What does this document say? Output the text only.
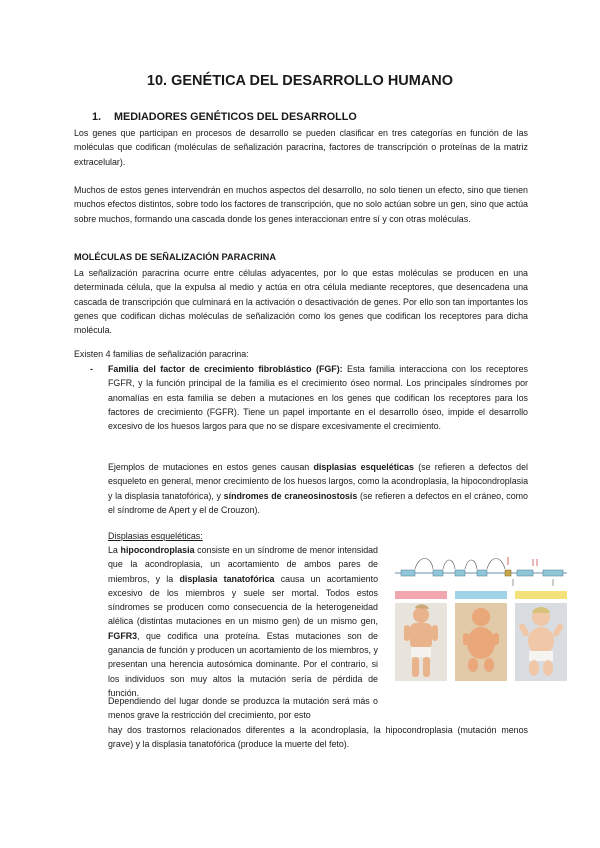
10. GENÉTICA DEL DESARROLLO HUMANO
1. MEDIADORES GENÉTICOS DEL DESARROLLO
Los genes que participan en procesos de desarrollo se pueden clasificar en tres categorías en función de las moléculas que codifican (moléculas de señalización paracrina, factores de transcripción o proteínas de la matriz extracelular).
Muchos de estos genes intervendrán en muchos aspectos del desarrollo, no solo tienen un efecto, sino que tienen muchos efectos distintos, sobre todo los factores de transcripción, que no solo actúan sobre un gen, sino que actúa sobre muchos, formando una cascada donde los genes interaccionan entre sí y con otras moléculas.
MOLÉCULAS DE SEÑALIZACIÓN PARACRINA
La señalización paracrina ocurre entre células adyacentes, por lo que estas moléculas se producen en una determinada célula, que la expulsa al medio y actúa en otra célula mediante receptores, que desencadena una cascada de transcripción que culminará en la activación o desactivación de genes. Por ello son tan importantes los genes que codifican dichas moléculas de señalización como los genes que codifican los receptores para dicha molécula.
Existen 4 familias de señalización paracrina:
- Familia del factor de crecimiento fibroblástico (FGF): Esta familia interacciona con los receptores FGFR, y la función principal de la familia es el crecimiento óseo normal. Los principales síndromes por anomalías en esta familia se deben a mutaciones en los genes que codifican los receptores para los factores de crecimiento (FGFR). Tiene un papel importante en el desarrollo óseo, impide el desarrollo excesivo de los huesos largos para que no se dispare excesivamente el crecimiento.
Ejemplos de mutaciones en estos genes causan displasias esqueléticas (se refieren a defectos del esqueleto en general, menor crecimiento de los huesos largos, como la acondroplasia, la hipocondroplasia y la displasia tanatofórica), y síndromes de craneosinostosis (se refieren a defectos en el cráneo, como el síndrome de Apert y el de Crouzon).
Displasias esqueléticas:
La hipocondroplasia consiste en un síndrome de menor intensidad que la acondroplasia, un acortamiento de ambos pares de miembros, y la displasia tanatofórica causa un acortamiento excesivo de los miembros y suele ser mortal. Todos estos síndromes se producen como consecuencia de la heterogeneidad alélica (distintas mutaciones en un mismo gen) de un mismo gen, FGFR3, que codifica una proteína. Estas mutaciones son de ganancia de función y producen un acortamiento de los miembros, y presentan una herencia autosómica dominante. Por el contrario, si los individuos son muy altos la mutación sería de pérdida de función.
Dependiendo del lugar donde se produzca la mutación será más o menos grave la restricción del crecimiento, por esto
hay dos trastornos relacionados diferentes a la acondroplasia, la hipocondroplasia (mutación menos grave) y la displasia tanatofórica (produce la muerte del feto).
